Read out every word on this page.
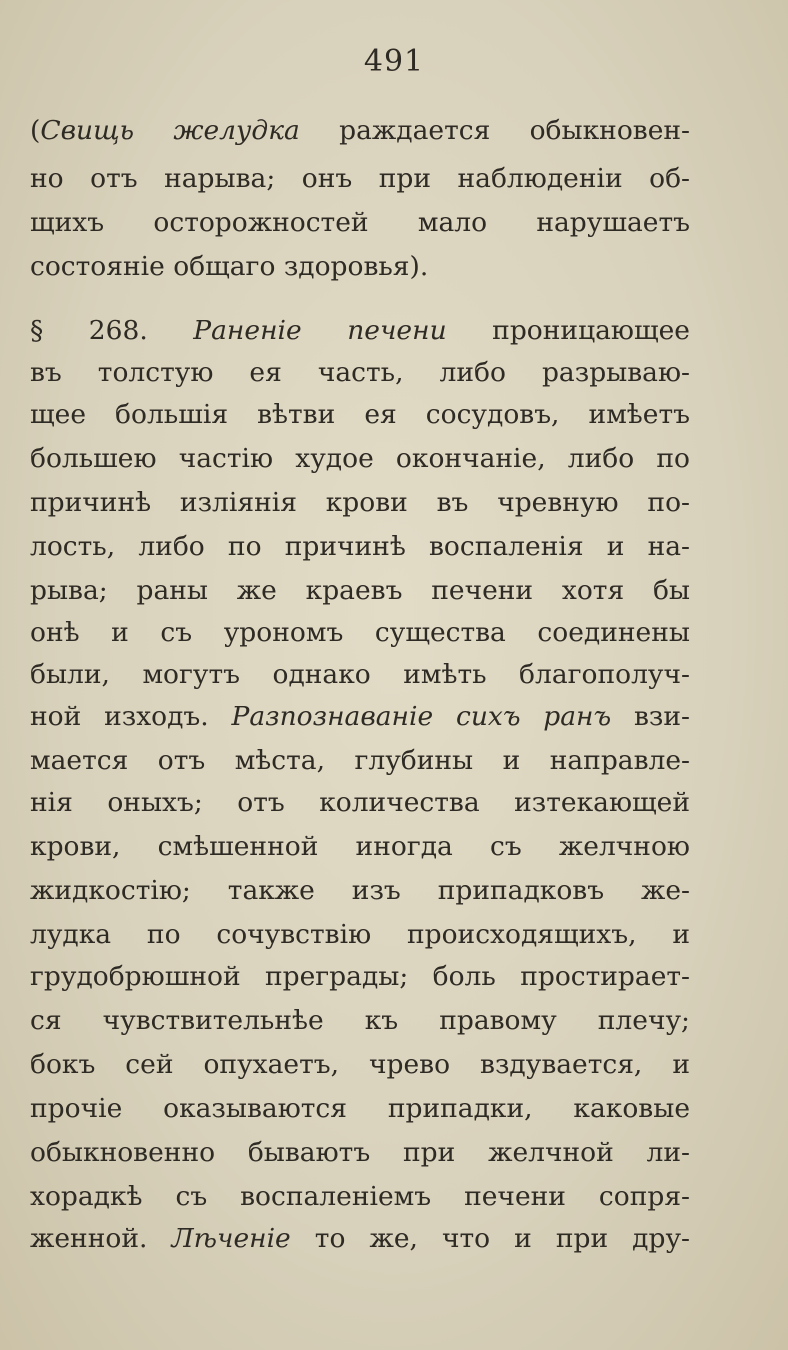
491
(Свищь желудка раждается обыкновен-
но отъ нарыва; онъ при наблюденiи об-
щихъ осторожностей мало нарушаетъ
состоянiе общаго здоровья).
§ 268. Раненiе печени проницающее
въ толстую ея часть, либо разрываю-
щее большiя вѣтви ея сосудовъ, имѣетъ
большею частiю худое окончанiе, либо по
причинѣ изліянія крови въ чревную по-
лость, либо по причинѣ воспаленiя и на-
рыва; раны же краевъ печени хотя бы
онѣ и съ урономъ существа соединены
были, могутъ однако имѣть благополуч-
ной изходъ. Разпознаванiе сихъ ранъ взи-
мается отъ мѣста, глубины и направле-
нiя оныхъ; отъ количества изтекающей
крови, смѣшенной иногда съ желчною
жидкостiю; также изъ припадковъ же-
лудка по сочувствiю происходящихъ, и
грудобрюшной преграды; боль простирает-
ся чувствительнѣе къ правому плечу;
бокъ сей опухаетъ, чрево вздувается, и
прочiе оказываются припадки, каковые
обыкновенно бываютъ при желчной ли-
хорадкѣ съ воспаленiемъ печени сопря-
женной. Лѣченiе то же, что и при дру-
